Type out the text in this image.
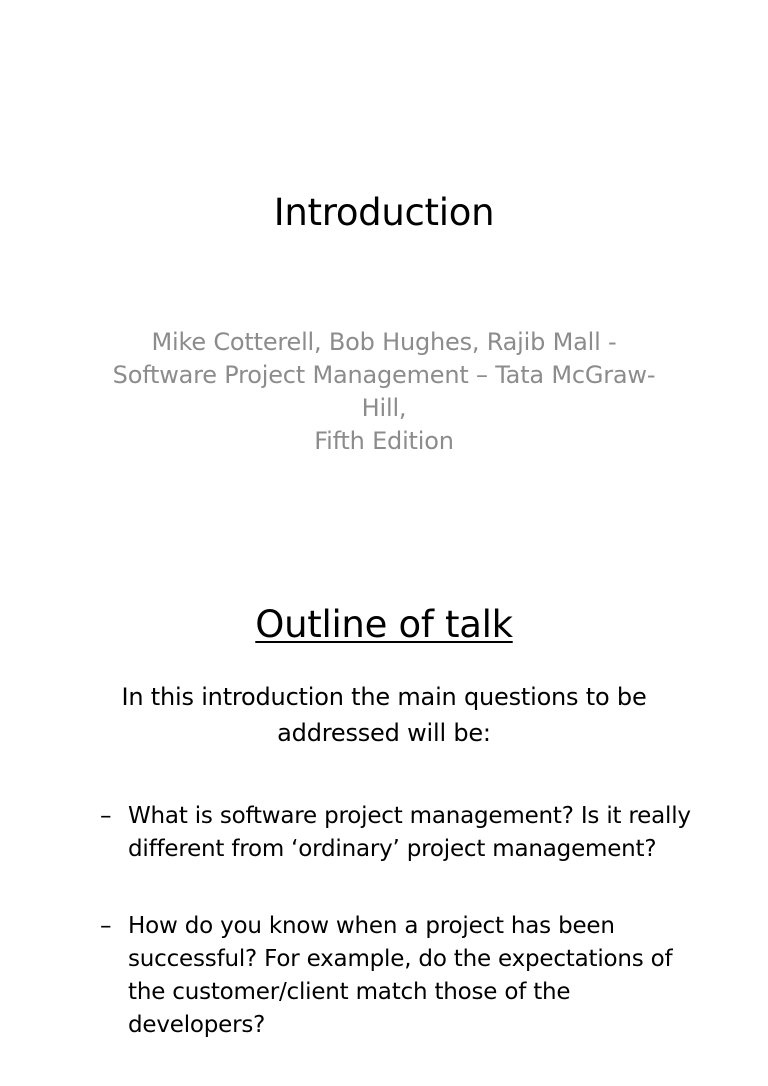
Introduction

Mike Cotterell, Bob Hughes, Rajib Mall - Software Project Management – Tata McGraw-Hill,

Fifth Edition

Outline of talk
In this introduction the main questions to be addressed will be:
– What is software project management? Is it really different from ‘ordinary’ project management?
– How do you know when a project has been successful? For example, do the expectations of the customer/client match those of the developers?
